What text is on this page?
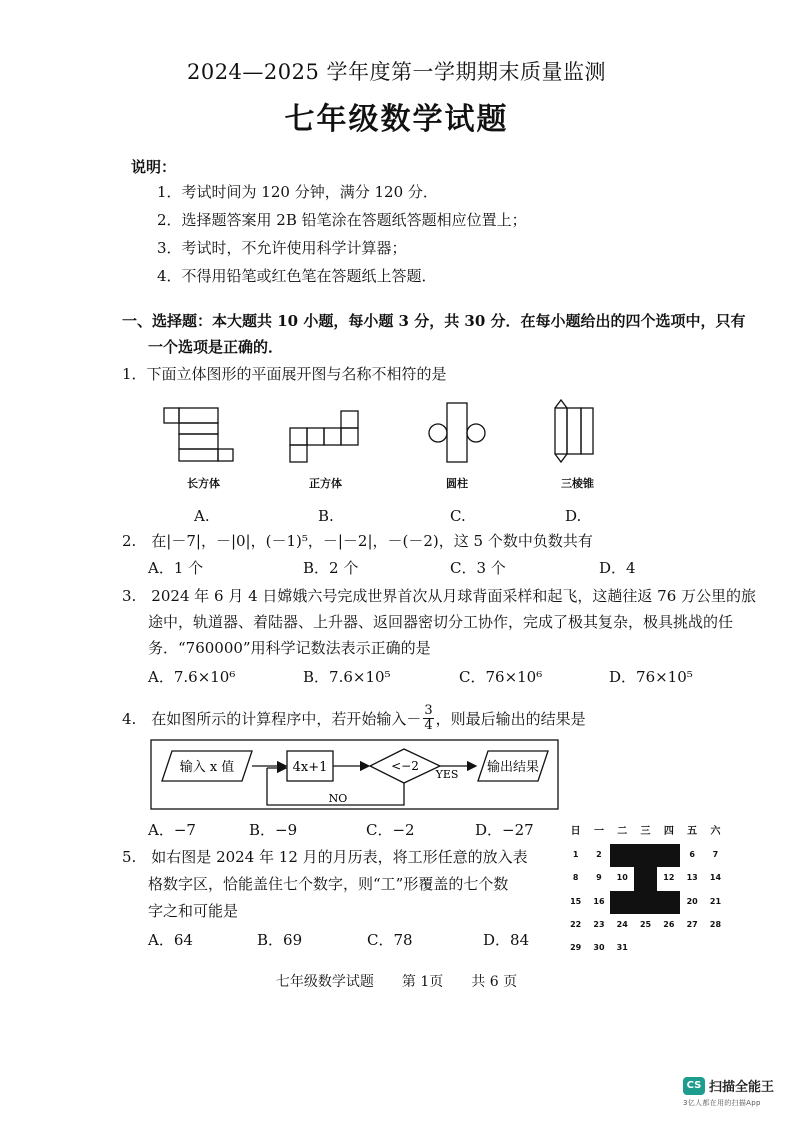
2024—2025 学年度第一学期期末质量监测
七年级数学试题
说明：
1．考试时间为 120 分钟，满分 120 分．
2．选择题答案用 2B 铅笔涂在答题纸答题相应位置上；
3．考试时，不允许使用科学计算器；
4．不得用铅笔或红色笔在答题纸上答题．
一、选择题：本大题共 10 小题，每小题 3 分，共 30 分．在每小题给出的四个选项中，只有
一个选项是正确的．
1．下面立体图形的平面展开图与名称不相符的是
长方体	正方体	圆柱	三棱锥
A.	B.	C.	D.
2.　在|－7|，－|0|，(－1)⁵，－|－2|，－(－2)，这 5 个数中负数共有
A．1 个	B．2 个	C．3 个	D．4
3.　2024 年 6 月 4 日嫦娥六号完成世界首次从月球背面采样和起飞，这趟往返 76 万公里的旅
途中，轨道器、着陆器、上升器、返回器密切分工协作，完成了极其复杂，极具挑战的任
务．“760000”用科学记数法表示正确的是
A．7.6×10⁶	B．7.6×10⁵	C．76×10⁶	D．76×10⁵
4.　在如图所示的计算程序中，若开始输入－ $\frac{3}{4}$ ，则最后输出的结果是
输入 x 值	4x+1	<−2
YES
NO
输出结果
A．−7	B．−9	C．−2	D．−27
5.　如右图是 2024 年 12 月的月历表，将工形任意的放入表
格数字区，恰能盖住七个数字，则“工”形覆盖的七个数
字之和可能是
A．64	B．69	C．78	D．84
日	一	二	三	四	五	六
1	2	3	4	5	6	7
8	9	10	11	12	13	14
15	16	17	18	19	20	21
22	23	24	25	26	27	28
29	30	31
七年级数学试题　　第 1页　　共 6 页
CS 扫描全能王
3亿人都在用的扫描App
